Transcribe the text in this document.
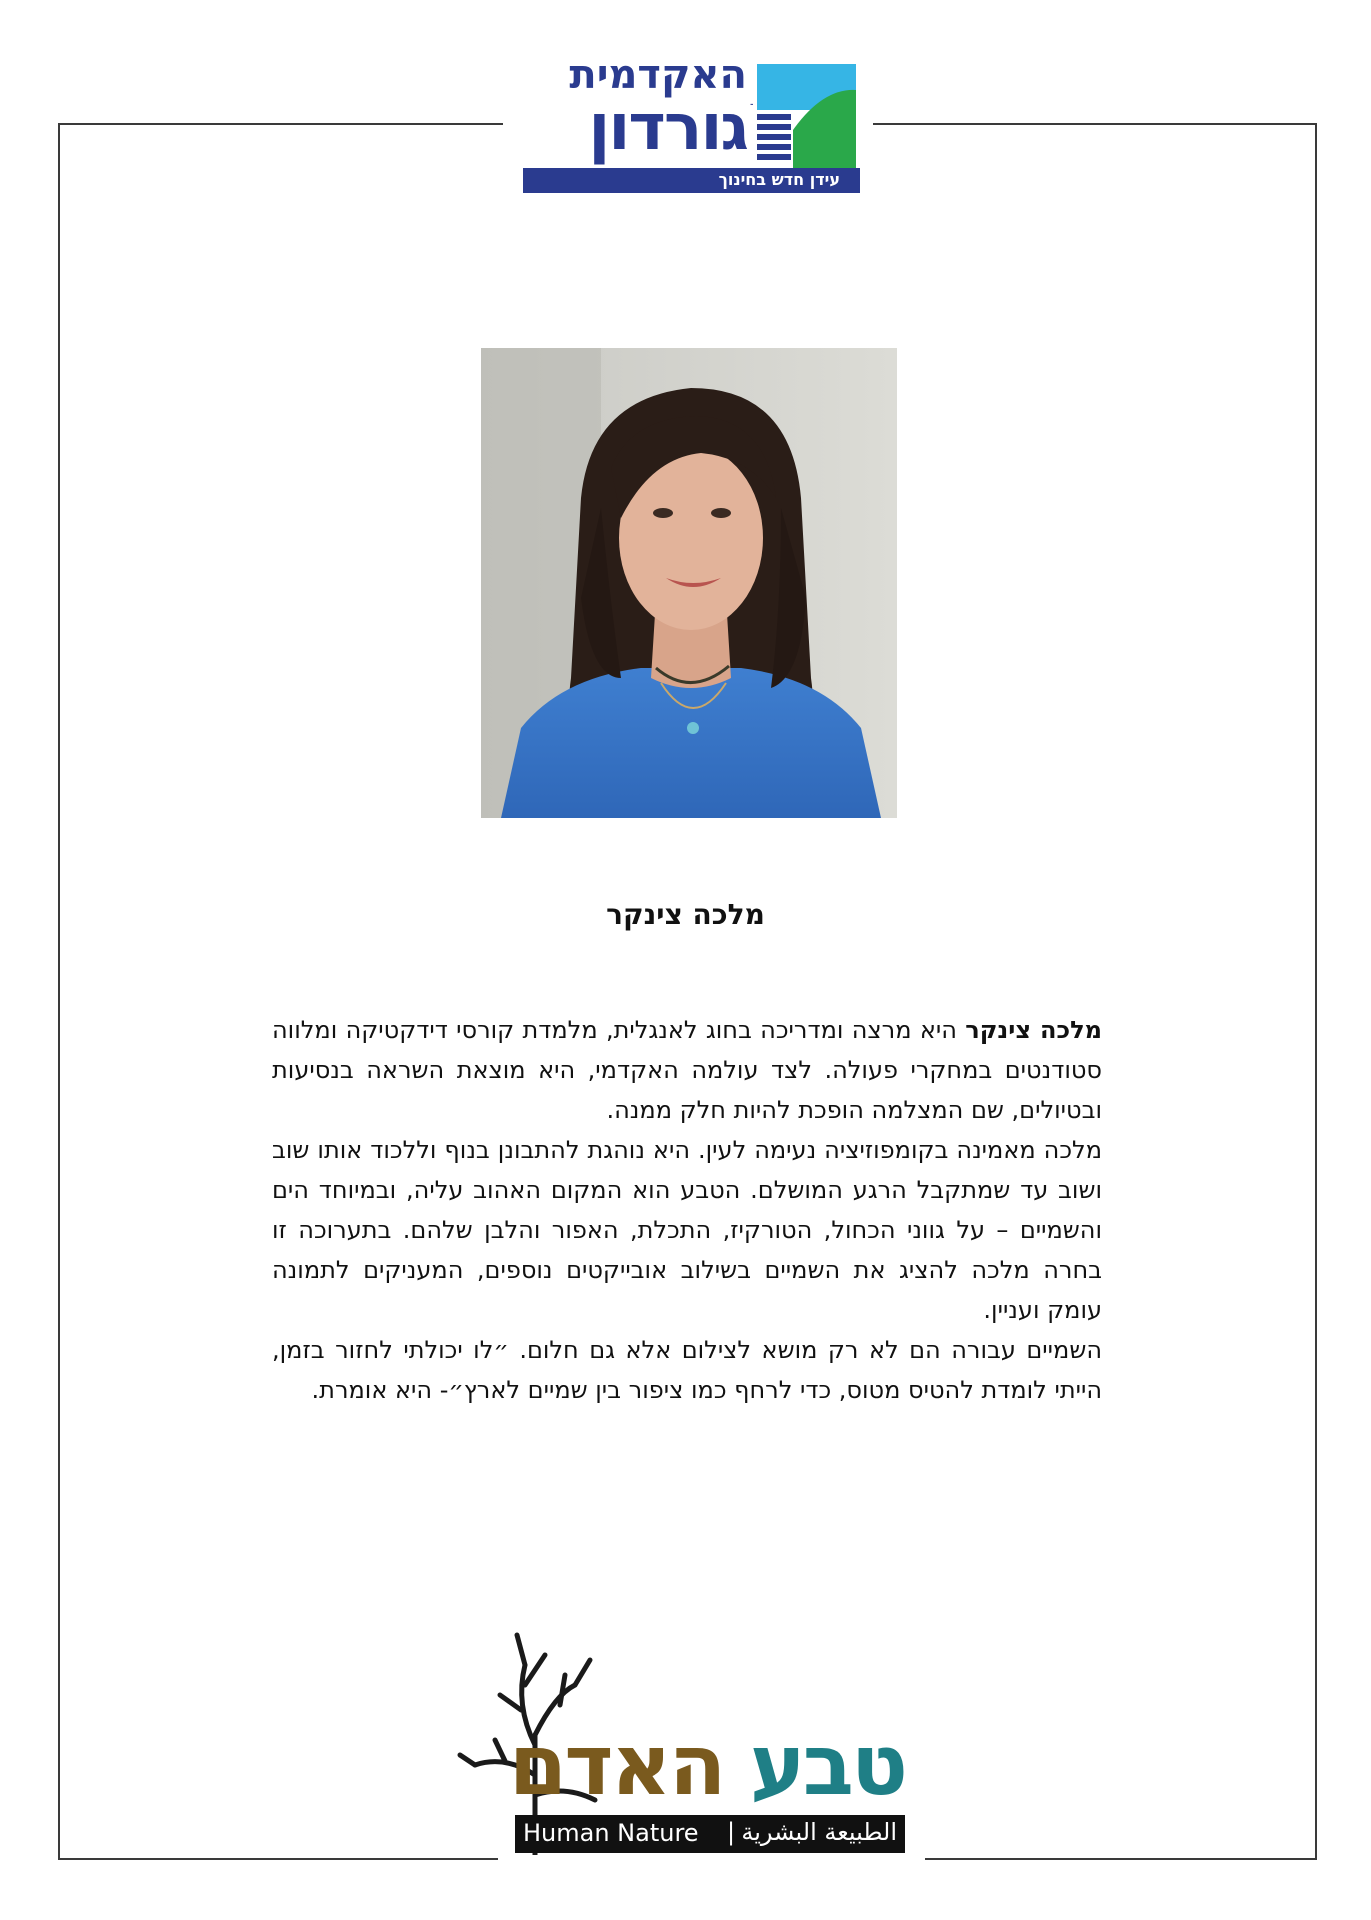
האקדמית
גורדון
עידן חדש בחינוך
מלכה צינקר

מלכה צינקר היא מרצה ומדריכה בחוג לאנגלית, מלמדת קורסי דידקטיקה ומלווה סטודנטים במחקרי פעולה. לצד עולמה האקדמי, היא מוצאת השראה בנסיעות ובטיולים, שם המצלמה הופכת להיות חלק ממנה.

מלכה מאמינה בקומפוזיציה נעימה לעין. היא נוהגת להתבונן בנוף וללכוד אותו שוב ושוב עד שמתקבל הרגע המושלם. הטבע הוא המקום האהוב עליה, ובמיוחד הים והשמיים – על גווני הכחול, הטורקיז, התכלת, האפור והלבן שלהם. בתערוכה זו בחרה מלכה להציג את השמיים בשילוב אובייקטים נוספים, המעניקים לתמונה עומק ועניין.

השמיים עבורה הם לא רק מושא לצילום אלא גם חלום. ״לו יכולתי לחזור בזמן, הייתי לומדת להטיס מטוס, כדי לרחף כמו ציפור בין שמיים לארץ״- היא אומרת.

טבע האדם
Human Nature | الطبيعة البشرية
